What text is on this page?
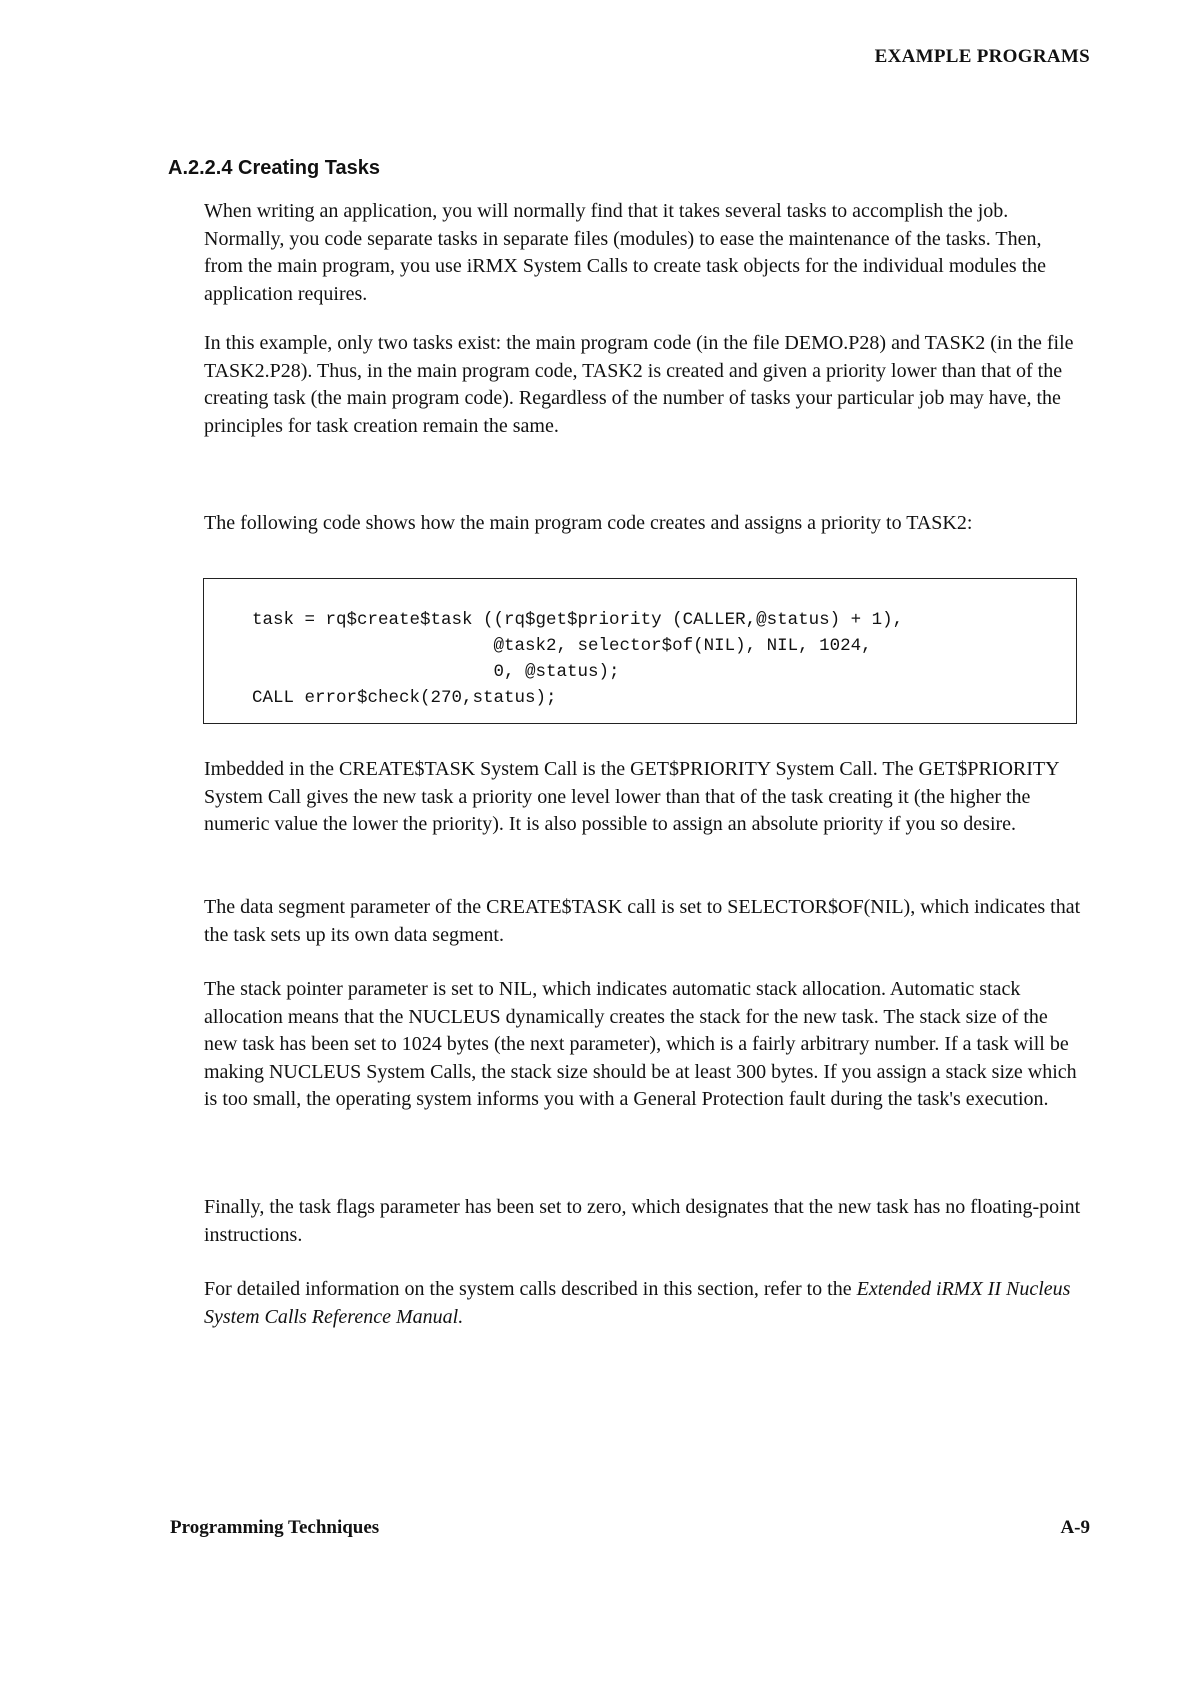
EXAMPLE PROGRAMS
A.2.2.4 Creating Tasks

When writing an application, you will normally find that it takes several tasks to accomplish the job. Normally, you code separate tasks in separate files (modules) to ease the maintenance of the tasks. Then, from the main program, you use iRMX System Calls to create task objects for the individual modules the application requires.

In this example, only two tasks exist: the main program code (in the file DEMO.P28) and TASK2 (in the file TASK2.P28). Thus, in the main program code, TASK2 is created and given a priority lower than that of the creating task (the main program code). Regardless of the number of tasks your particular job may have, the principles for task creation remain the same.

The following code shows how the main program code creates and assigns a priority to TASK2:

task = rq$create$task ((rq$get$priority (CALLER,@status) + 1),
@task2, selector$of(NIL), NIL, 1024,
0, @status);
CALL error$check(270,status);

Imbedded in the CREATE$TASK System Call is the GET$PRIORITY System Call. The GET$PRIORITY System Call gives the new task a priority one level lower than that of the task creating it (the higher the numeric value the lower the priority). It is also possible to assign an absolute priority if you so desire.

The data segment parameter of the CREATE$TASK call is set to SELECTOR$OF(NIL), which indicates that the task sets up its own data segment.

The stack pointer parameter is set to NIL, which indicates automatic stack allocation. Automatic stack allocation means that the NUCLEUS dynamically creates the stack for the new task. The stack size of the new task has been set to 1024 bytes (the next parameter), which is a fairly arbitrary number. If a task will be making NUCLEUS System Calls, the stack size should be at least 300 bytes. If you assign a stack size which is too small, the operating system informs you with a General Protection fault during the task's execution.

Finally, the task flags parameter has been set to zero, which designates that the new task has no floating-point instructions.

For detailed information on the system calls described in this section, refer to the Extended iRMX II Nucleus System Calls Reference Manual.

Programming Techniques	A-9
